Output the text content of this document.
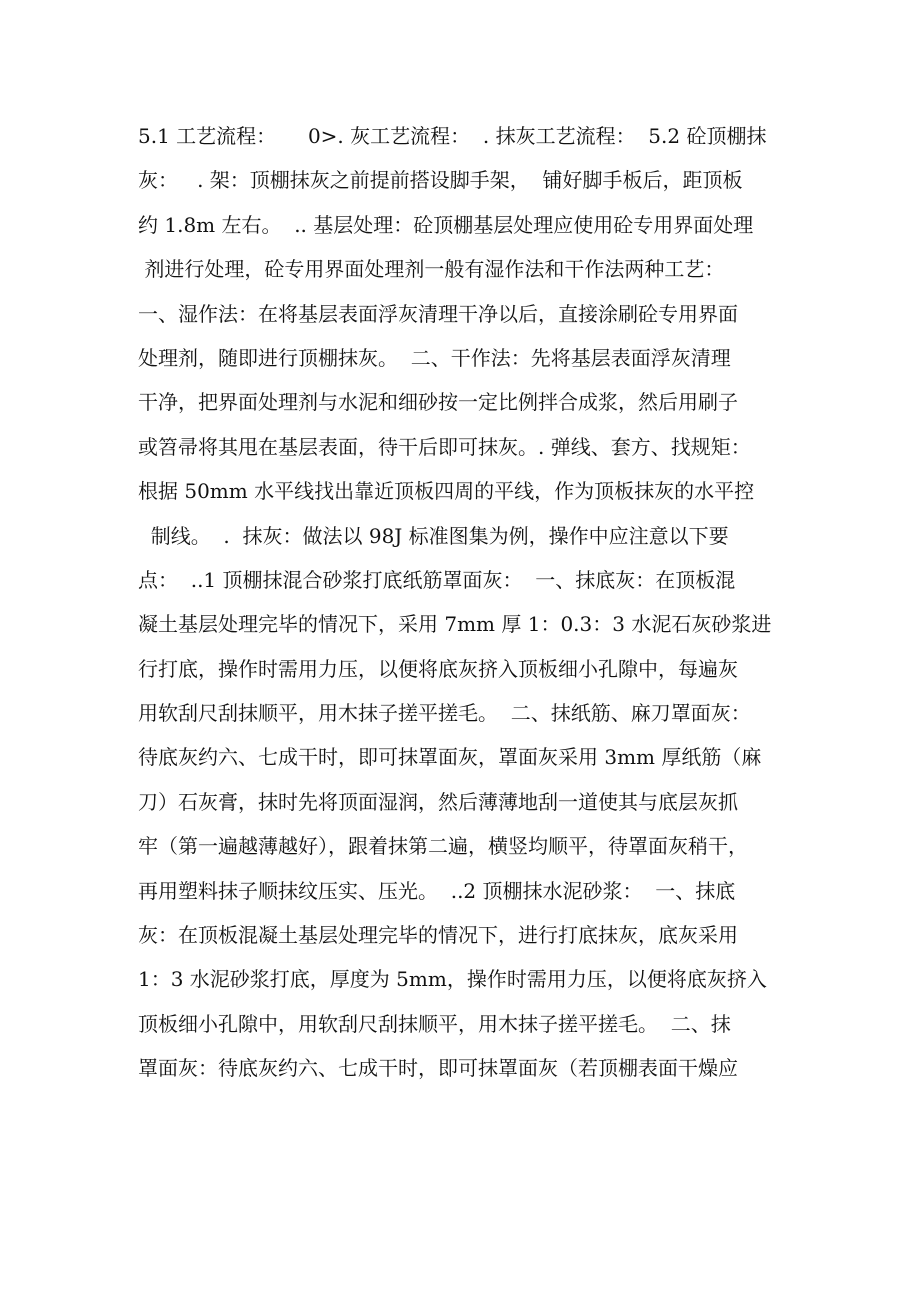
5.1 工艺流程：     0>. 灰工艺流程：  . 抹灰工艺流程：  5.2 砼顶棚抹
灰：   . 架：顶棚抹灰之前提前搭设脚手架，  铺好脚手板后，距顶板
约 1.8m 左右。  .. 基层处理：砼顶棚基层处理应使用砼专用界面处理
剂进行处理，砼专用界面处理剂一般有湿作法和干作法两种工艺：
一、湿作法：在将基层表面浮灰清理干净以后，直接涂刷砼专用界面
处理剂，随即进行顶棚抹灰。  二、干作法：先将基层表面浮灰清理
干净，把界面处理剂与水泥和细砂按一定比例拌合成浆，然后用刷子
或笤帚将其甩在基层表面，待干后即可抹灰。. 弹线、套方、找规矩：
根据 50mm 水平线找出靠近顶板四周的平线，作为顶板抹灰的水平控
制线。  .  抹灰：做法以 98J 标准图集为例，操作中应注意以下要
点：  ..1 顶棚抹混合砂浆打底纸筋罩面灰：  一、抹底灰：在顶板混
凝土基层处理完毕的情况下，采用 7mm 厚 1：0.3：3 水泥石灰砂浆进
行打底，操作时需用力压，以便将底灰挤入顶板细小孔隙中，每遍灰
用软刮尺刮抹顺平，用木抹子搓平搓毛。  二、抹纸筋、麻刀罩面灰：
待底灰约六、七成干时，即可抹罩面灰，罩面灰采用 3mm 厚纸筋（麻
刀）石灰膏，抹时先将顶面湿润，然后薄薄地刮一道使其与底层灰抓
牢（第一遍越薄越好），跟着抹第二遍，横竖均顺平，待罩面灰稍干，
再用塑料抹子顺抹纹压实、压光。  ..2 顶棚抹水泥砂浆：  一、抹底
灰：在顶板混凝土基层处理完毕的情况下，进行打底抹灰，底灰采用
1：3 水泥砂浆打底，厚度为 5mm，操作时需用力压，以便将底灰挤入
顶板细小孔隙中，用软刮尺刮抹顺平，用木抹子搓平搓毛。  二、抹
罩面灰：待底灰约六、七成干时，即可抹罩面灰（若顶棚表面干燥应
